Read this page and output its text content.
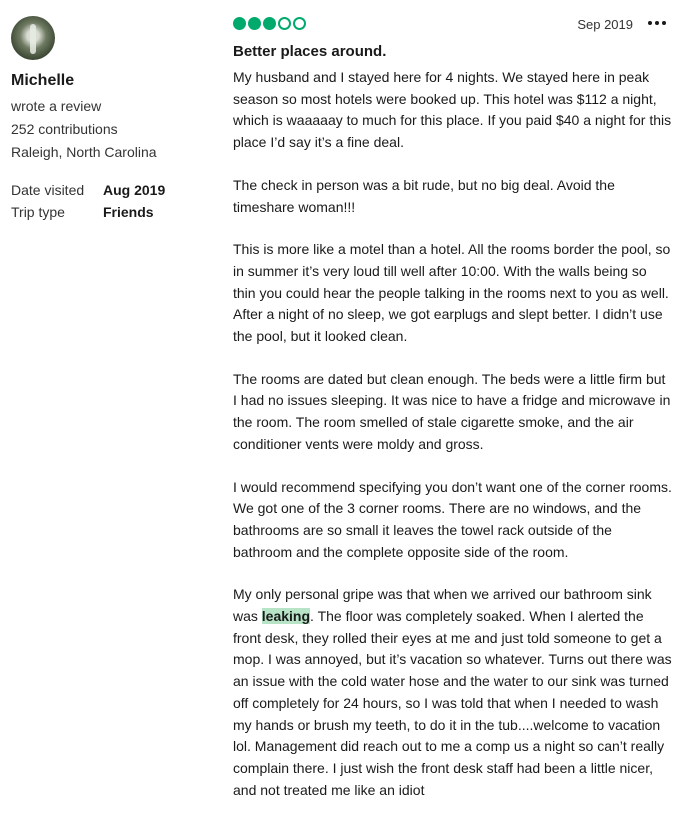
Michelle
wrote a review
252 contributions
Raleigh, North Carolina
Date visited	Aug 2019
Trip type	Friends
Sep 2019
Better places around.

My husband and I stayed here for 4 nights. We stayed here in peak season so most hotels were booked up. This hotel was $112 a night, which is waaaaay to much for this place. If you paid $40 a night for this place I’d say it’s a fine deal.

The check in person was a bit rude, but no big deal. Avoid the timeshare woman!!!

This is more like a motel than a hotel. All the rooms border the pool, so in summer it’s very loud till well after 10:00. With the walls being so thin you could hear the people talking in the rooms next to you as well. After a night of no sleep, we got earplugs and slept better. I didn’t use the pool, but it looked clean.

The rooms are dated but clean enough. The beds were a little firm but I had no issues sleeping. It was nice to have a fridge and microwave in the room. The room smelled of stale cigarette smoke, and the air conditioner vents were moldy and gross.

I would recommend specifying you don’t want one of the corner rooms. We got one of the 3 corner rooms. There are no windows, and the bathrooms are so small it leaves the towel rack outside of the bathroom and the complete opposite side of the room.

My only personal gripe was that when we arrived our bathroom sink was leaking. The floor was completely soaked. When I alerted the front desk, they rolled their eyes at me and just told someone to get a mop. I was annoyed, but it’s vacation so whatever. Turns out there was an issue with the cold water hose and the water to our sink was turned off completely for 24 hours, so I was told that when I needed to wash my hands or brush my teeth, to do it in the tub....welcome to vacation lol. Management did reach out to me a comp us a night so can’t really complain there. I just wish the front desk staff had been a little nicer, and not treated me like an idiot
